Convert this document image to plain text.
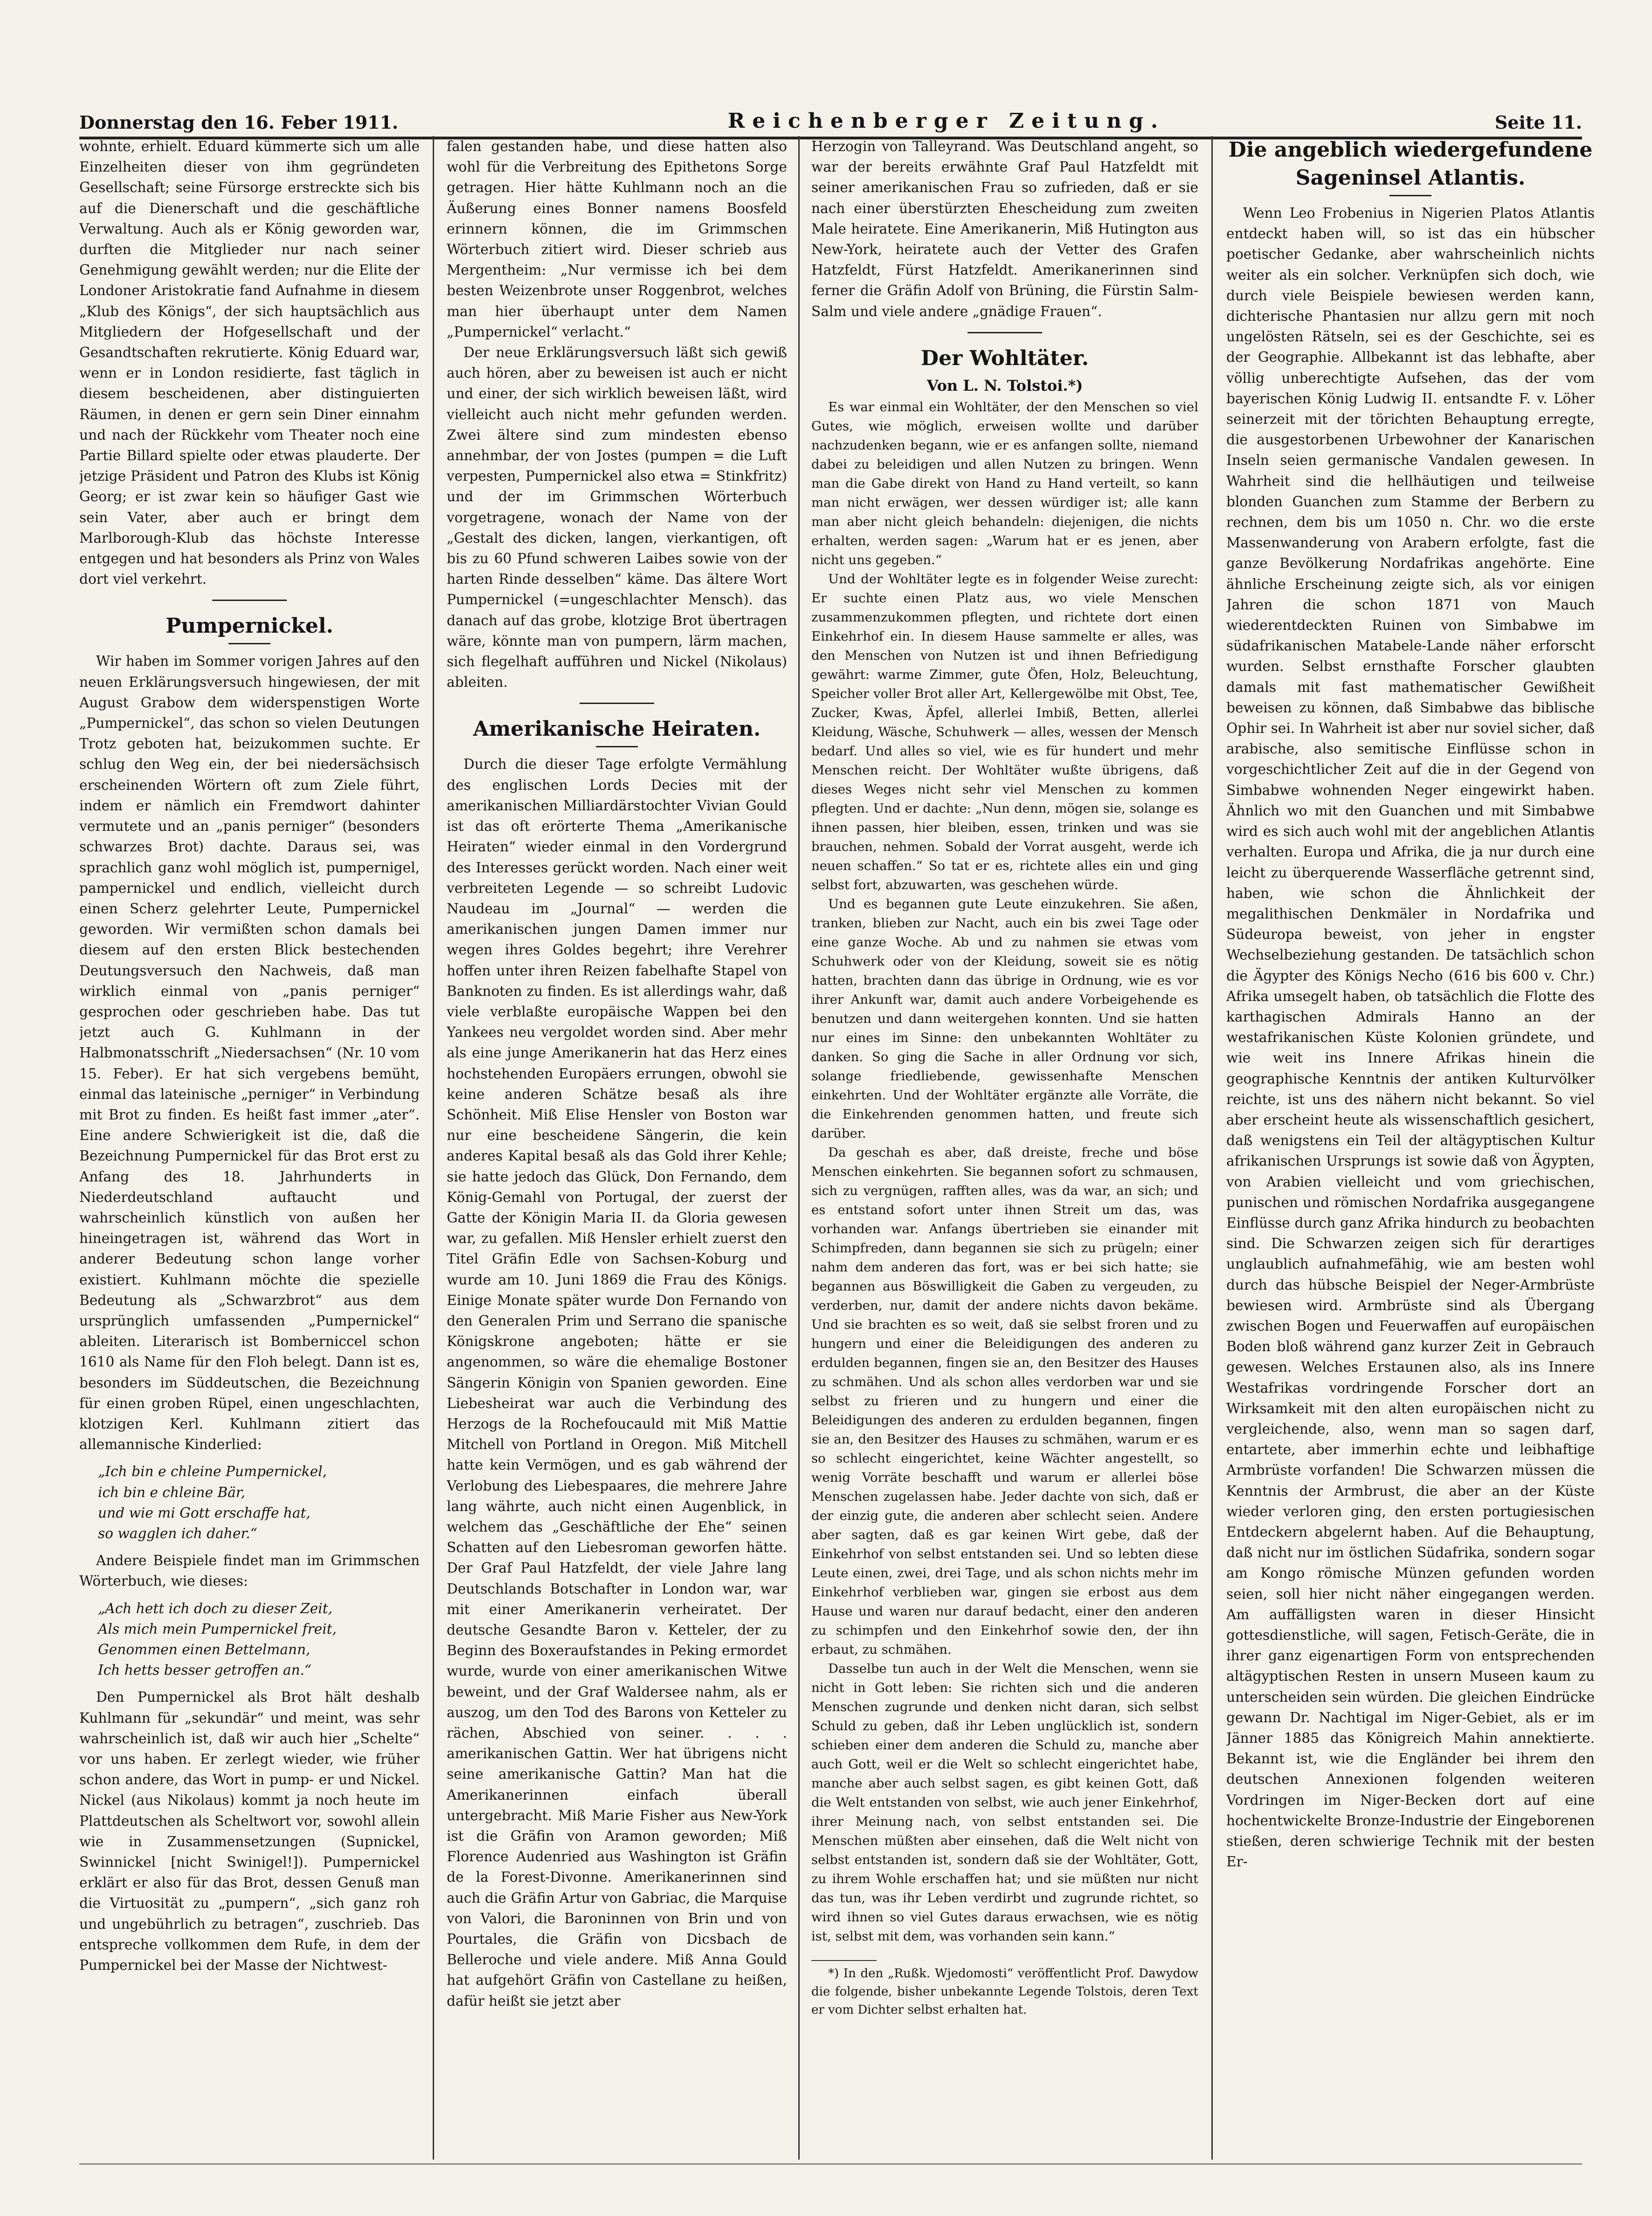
Donnerstag den 16. Feber 1911.	Reichenberger Zeitung.	Seite 11.

wohnte, erhielt. Eduard kümmerte sich um alle Einzelheiten dieser von ihm gegründeten Gesellschaft; seine Fürsorge erstreckte sich bis auf die Dienerschaft und die geschäftliche Verwaltung. Auch als er König geworden war, durften die Mitglieder nur nach seiner Genehmigung gewählt werden; nur die Elite der Londoner Aristokratie fand Aufnahme in diesem „Klub des Königs“, der sich hauptsächlich aus Mitgliedern der Hofgesellschaft und der Gesandtschaften rekrutierte. König Eduard war, wenn er in London residierte, fast täglich in diesem bescheidenen, aber distinguierten Räumen, in denen er gern sein Diner einnahm und nach der Rückkehr vom Theater noch eine Partie Billard spielte oder etwas plauderte. Der jetzige Präsident und Patron des Klubs ist König Georg; er ist zwar kein so häufiger Gast wie sein Vater, aber auch er bringt dem Marlborough-Klub das höchste Interesse entgegen und hat besonders als Prinz von Wales dort viel verkehrt.

Pumpernickel.

Wir haben im Sommer vorigen Jahres auf den neuen Erklärungsversuch hingewiesen, der mit August Grabow dem widerspenstigen Worte „Pumpernickel“, das schon so vielen Deutungen Trotz geboten hat, beizukommen suchte. Er schlug den Weg ein, der bei niedersächsisch erscheinenden Wörtern oft zum Ziele führt, indem er nämlich ein Fremdwort dahinter vermutete und an „panis perniger“ (besonders schwarzes Brot) dachte. Daraus sei, was sprachlich ganz wohl möglich ist, pumpernigel, pampernickel und endlich, vielleicht durch einen Scherz gelehrter Leute, Pumpernickel geworden. Wir vermißten schon damals bei diesem auf den ersten Blick bestechenden Deutungsversuch den Nachweis, daß man wirklich einmal von „panis perniger“ gesprochen oder geschrieben habe. Das tut jetzt auch G. Kuhlmann in der Halbmonatsschrift „Niedersachsen“ (Nr. 10 vom 15. Feber). Er hat sich vergebens bemüht, einmal das lateinische „perniger“ in Verbindung mit Brot zu finden. Es heißt fast immer „ater“. Eine andere Schwierigkeit ist die, daß die Bezeichnung Pumpernickel für das Brot erst zu Anfang des 18. Jahrhunderts in Niederdeutschland auftaucht und wahrscheinlich künstlich von außen her hineingetragen ist, während das Wort in anderer Bedeutung schon lange vorher existiert. Kuhlmann möchte die spezielle Bedeutung als „Schwarzbrot“ aus dem ursprünglich umfassenden „Pumpernickel“ ableiten. Literarisch ist Bomberniccel schon 1610 als Name für den Floh belegt. Dann ist es, besonders im Süddeutschen, die Bezeichnung für einen groben Rüpel, einen ungeschlachten, klotzigen Kerl. Kuhlmann zitiert das allemannische Kinderlied:

„Ich bin e chleine Pumpernickel,
ich bin e chleine Bär,
und wie mi Gott erschaffe hat,
so wagglen ich daher.“

Andere Beispiele findet man im Grimmschen Wörterbuch, wie dieses:

„Ach hett ich doch zu dieser Zeit,
Als mich mein Pumpernickel freit,
Genommen einen Bettelmann,
Ich hetts besser getroffen an.“

Den Pumpernickel als Brot hält deshalb Kuhlmann für „sekundär“ und meint, was sehr wahrscheinlich ist, daß wir auch hier „Schelte“ vor uns haben. Er zerlegt wieder, wie früher schon andere, das Wort in pump- er und Nickel. Nickel (aus Nikolaus) kommt ja noch heute im Plattdeutschen als Scheltwort vor, sowohl allein wie in Zusammensetzungen (Supnickel, Swinnickel [nicht Swinigel!]). Pumpernickel erklärt er also für das Brot, dessen Genuß man die Virtuosität zu „pumpern“, „sich ganz roh und ungebührlich zu betragen“, zuschrieb. Das entspreche vollkommen dem Rufe, in dem der Pumpernickel bei der Masse der Nichtwest-

falen gestanden habe, und diese hatten also wohl für die Verbreitung des Epithetons Sorge getragen. Hier hätte Kuhlmann noch an die Äußerung eines Bonner namens Boosfeld erinnern können, die im Grimmschen Wörterbuch zitiert wird. Dieser schrieb aus Mergentheim: „Nur vermisse ich bei dem besten Weizenbrote unser Roggenbrot, welches man hier überhaupt unter dem Namen „Pumpernickel“ verlacht.“

Der neue Erklärungsversuch läßt sich gewiß auch hören, aber zu beweisen ist auch er nicht und einer, der sich wirklich beweisen läßt, wird vielleicht auch nicht mehr gefunden werden. Zwei ältere sind zum mindesten ebenso annehmbar, der von Jostes (pumpen = die Luft verpesten, Pumpernickel also etwa = Stinkfritz) und der im Grimmschen Wörterbuch vorgetragene, wonach der Name von der „Gestalt des dicken, langen, vierkantigen, oft bis zu 60 Pfund schweren Laibes sowie von der harten Rinde desselben“ käme. Das ältere Wort Pumpernickel (=ungeschlachter Mensch). das danach auf das grobe, klotzige Brot übertragen wäre, könnte man von pumpern, lärm machen, sich flegelhaft aufführen und Nickel (Nikolaus) ableiten.

Amerikanische Heiraten.

Durch die dieser Tage erfolgte Vermählung des englischen Lords Decies mit der amerikanischen Milliardärstochter Vivian Gould ist das oft erörterte Thema „Amerikanische Heiraten“ wieder einmal in den Vordergrund des Interesses gerückt worden. Nach einer weit verbreiteten Legende — so schreibt Ludovic Naudeau im „Journal“ — werden die amerikanischen jungen Damen immer nur wegen ihres Goldes begehrt; ihre Verehrer hoffen unter ihren Reizen fabelhafte Stapel von Banknoten zu finden. Es ist allerdings wahr, daß viele verblaßte europäische Wappen bei den Yankees neu vergoldet worden sind. Aber mehr als eine junge Amerikanerin hat das Herz eines hochstehenden Europäers errungen, obwohl sie keine anderen Schätze besaß als ihre Schönheit. Miß Elise Hensler von Boston war nur eine bescheidene Sängerin, die kein anderes Kapital besaß als das Gold ihrer Kehle; sie hatte jedoch das Glück, Don Fernando, dem König-Gemahl von Portugal, der zuerst der Gatte der Königin Maria II. da Gloria gewesen war, zu gefallen. Miß Hensler erhielt zuerst den Titel Gräfin Edle von Sachsen-Koburg und wurde am 10. Juni 1869 die Frau des Königs. Einige Monate später wurde Don Fernando von den Generalen Prim und Serrano die spanische Königskrone angeboten; hätte er sie angenommen, so wäre die ehemalige Bostoner Sängerin Königin von Spanien geworden. Eine Liebesheirat war auch die Verbindung des Herzogs de la Rochefoucauld mit Miß Mattie Mitchell von Portland in Oregon. Miß Mitchell hatte kein Vermögen, und es gab während der Verlobung des Liebespaares, die mehrere Jahre lang währte, auch nicht einen Augenblick, in welchem das „Geschäftliche der Ehe“ seinen Schatten auf den Liebesroman geworfen hätte. Der Graf Paul Hatzfeldt, der viele Jahre lang Deutschlands Botschafter in London war, war mit einer Amerikanerin verheiratet. Der deutsche Gesandte Baron v. Ketteler, der zu Beginn des Boxeraufstandes in Peking ermordet wurde, wurde von einer amerikanischen Witwe beweint, und der Graf Waldersee nahm, als er auszog, um den Tod des Barons von Ketteler zu rächen, Abschied von seiner. . . . amerikanischen Gattin. Wer hat übrigens nicht seine amerikanische Gattin? Man hat die Amerikanerinnen einfach überall untergebracht. Miß Marie Fisher aus New-York ist die Gräfin von Aramon geworden; Miß Florence Audenried aus Washington ist Gräfin de la Forest-Divonne. Amerikanerinnen sind auch die Gräfin Artur von Gabriac, die Marquise von Valori, die Baroninnen von Brin und von Pourtales, die Gräfin von Dicsbach de Belleroche und viele andere. Miß Anna Gould hat aufgehört Gräfin von Castellane zu heißen, dafür heißt sie jetzt aber

Herzogin von Talleyrand. Was Deutschland angeht, so war der bereits erwähnte Graf Paul Hatzfeldt mit seiner amerikanischen Frau so zufrieden, daß er sie nach einer überstürzten Ehescheidung zum zweiten Male heiratete. Eine Amerikanerin, Miß Hutington aus New-York, heiratete auch der Vetter des Grafen Hatzfeldt, Fürst Hatzfeldt. Amerikanerinnen sind ferner die Gräfin Adolf von Brüning, die Fürstin Salm-Salm und viele andere „gnädige Frauen“.

Der Wohltäter.
Von L. N. Tolstoi.*)

Es war einmal ein Wohltäter, der den Menschen so viel Gutes, wie möglich, erweisen wollte und darüber nachzudenken begann, wie er es anfangen sollte, niemand dabei zu beleidigen und allen Nutzen zu bringen. Wenn man die Gabe direkt von Hand zu Hand verteilt, so kann man nicht erwägen, wer dessen würdiger ist; alle kann man aber nicht gleich behandeln: diejenigen, die nichts erhalten, werden sagen: „Warum hat er es jenen, aber nicht uns gegeben.“

Und der Wohltäter legte es in folgender Weise zurecht: Er suchte einen Platz aus, wo viele Menschen zusammenzukommen pflegten, und richtete dort einen Einkehrhof ein. In diesem Hause sammelte er alles, was den Menschen von Nutzen ist und ihnen Befriedigung gewährt: warme Zimmer, gute Öfen, Holz, Beleuchtung, Speicher voller Brot aller Art, Kellergewölbe mit Obst, Tee, Zucker, Kwas, Äpfel, allerlei Imbiß, Betten, allerlei Kleidung, Wäsche, Schuhwerk — alles, wessen der Mensch bedarf. Und alles so viel, wie es für hundert und mehr Menschen reicht. Der Wohltäter wußte übrigens, daß dieses Weges nicht sehr viel Menschen zu kommen pflegten. Und er dachte: „Nun denn, mögen sie, solange es ihnen passen, hier bleiben, essen, trinken und was sie brauchen, nehmen. Sobald der Vorrat ausgeht, werde ich neuen schaffen.“ So tat er es, richtete alles ein und ging selbst fort, abzuwarten, was geschehen würde.

Und es begannen gute Leute einzukehren. Sie aßen, tranken, blieben zur Nacht, auch ein bis zwei Tage oder eine ganze Woche. Ab und zu nahmen sie etwas vom Schuhwerk oder von der Kleidung, soweit sie es nötig hatten, brachten dann das übrige in Ordnung, wie es vor ihrer Ankunft war, damit auch andere Vorbeigehende es benutzen und dann weitergehen konnten. Und sie hatten nur eines im Sinne: den unbekannten Wohltäter zu danken. So ging die Sache in aller Ordnung vor sich, solange friedliebende, gewissenhafte Menschen einkehrten. Und der Wohltäter ergänzte alle Vorräte, die die Einkehrenden genommen hatten, und freute sich darüber.

Da geschah es aber, daß dreiste, freche und böse Menschen einkehrten. Sie begannen sofort zu schmausen, sich zu vergnügen, rafften alles, was da war, an sich; und es entstand sofort unter ihnen Streit um das, was vorhanden war. Anfangs übertrieben sie einander mit Schimpfreden, dann begannen sie sich zu prügeln; einer nahm dem anderen das fort, was er bei sich hatte; sie begannen aus Böswilligkeit die Gaben zu vergeuden, zu verderben, nur, damit der andere nichts davon bekäme. Und sie brachten es so weit, daß sie selbst froren und zu hungern und einer die Beleidigungen des anderen zu erdulden begannen, fingen sie an, den Besitzer des Hauses zu schmähen. Und als schon alles verdorben war und sie selbst zu frieren und zu hungern und einer die Beleidigungen des anderen zu erdulden begannen, fingen sie an, den Besitzer des Hauses zu schmähen, warum er es so schlecht eingerichtet, keine Wächter angestellt, so wenig Vorräte beschafft und warum er allerlei böse Menschen zugelassen habe. Jeder dachte von sich, daß er der einzig gute, die anderen aber schlecht seien. Andere aber sagten, daß es gar keinen Wirt gebe, daß der Einkehrhof von selbst entstanden sei. Und so lebten diese Leute einen, zwei, drei Tage, und als schon nichts mehr im Einkehrhof verblieben war, gingen sie erbost aus dem Hause und waren nur darauf bedacht, einer den anderen zu schimpfen und den Einkehrhof sowie den, der ihn erbaut, zu schmähen.

Dasselbe tun auch in der Welt die Menschen, wenn sie nicht in Gott leben: Sie richten sich und die anderen Menschen zugrunde und denken nicht daran, sich selbst Schuld zu geben, daß ihr Leben unglücklich ist, sondern schieben einer dem anderen die Schuld zu, manche aber auch Gott, weil er die Welt so schlecht eingerichtet habe, manche aber auch selbst sagen, es gibt keinen Gott, daß die Welt entstanden von selbst, wie auch jener Einkehrhof, ihrer Meinung nach, von selbst entstanden sei. Die Menschen müßten aber einsehen, daß die Welt nicht von selbst entstanden ist, sondern daß sie der Wohltäter, Gott, zu ihrem Wohle erschaffen hat; und sie müßten nur nicht das tun, was ihr Leben verdirbt und zugrunde richtet, so wird ihnen so viel Gutes daraus erwachsen, wie es nötig ist, selbst mit dem, was vorhanden sein kann.“

*) In den „Rußk. Wjedomosti“ veröffentlicht Prof. Dawydow die folgende, bisher unbekannte Legende Tolstois, deren Text er vom Dichter selbst erhalten hat.

Die angeblich wiedergefundene Sageninsel Atlantis.

Wenn Leo Frobenius in Nigerien Platos Atlantis entdeckt haben will, so ist das ein hübscher poetischer Gedanke, aber wahrscheinlich nichts weiter als ein solcher. Verknüpfen sich doch, wie durch viele Beispiele bewiesen werden kann, dichterische Phantasien nur allzu gern mit noch ungelösten Rätseln, sei es der Geschichte, sei es der Geographie. Allbekannt ist das lebhafte, aber völlig unberechtigte Aufsehen, das der vom bayerischen König Ludwig II. entsandte F. v. Löher seinerzeit mit der törichten Behauptung erregte, die ausgestorbenen Urbewohner der Kanarischen Inseln seien germanische Vandalen gewesen. In Wahrheit sind die hellhäutigen und teilweise blonden Guanchen zum Stamme der Berbern zu rechnen, dem bis um 1050 n. Chr. wo die erste Massenwanderung von Arabern erfolgte, fast die ganze Bevölkerung Nordafrikas angehörte. Eine ähnliche Erscheinung zeigte sich, als vor einigen Jahren die schon 1871 von Mauch wiederentdeckten Ruinen von Simbabwe im südafrikanischen Matabele-Lande näher erforscht wurden. Selbst ernsthafte Forscher glaubten damals mit fast mathematischer Gewißheit beweisen zu können, daß Simbabwe das biblische Ophir sei. In Wahrheit ist aber nur soviel sicher, daß arabische, also semitische Einflüsse schon in vorgeschichtlicher Zeit auf die in der Gegend von Simbabwe wohnenden Neger eingewirkt haben. Ähnlich wo mit den Guanchen und mit Simbabwe wird es sich auch wohl mit der angeblichen Atlantis verhalten. Europa und Afrika, die ja nur durch eine leicht zu überquerende Wasserfläche getrennt sind, haben, wie schon die Ähnlichkeit der megalithischen Denkmäler in Nordafrika und Südeuropa beweist, von jeher in engster Wechselbeziehung gestanden. De tatsächlich schon die Ägypter des Königs Necho (616 bis 600 v. Chr.) Afrika umsegelt haben, ob tatsächlich die Flotte des karthagischen Admirals Hanno an der westafrikanischen Küste Kolonien gründete, und wie weit ins Innere Afrikas hinein die geographische Kenntnis der antiken Kulturvölker reichte, ist uns des nähern nicht bekannt. So viel aber erscheint heute als wissenschaftlich gesichert, daß wenigstens ein Teil der altägyptischen Kultur afrikanischen Ursprungs ist sowie daß von Ägypten, von Arabien vielleicht und vom griechischen, punischen und römischen Nordafrika ausgegangene Einflüsse durch ganz Afrika hindurch zu beobachten sind. Die Schwarzen zeigen sich für derartiges unglaublich aufnahmefähig, wie am besten wohl durch das hübsche Beispiel der Neger-Armbrüste bewiesen wird. Armbrüste sind als Übergang zwischen Bogen und Feuerwaffen auf europäischen Boden bloß während ganz kurzer Zeit in Gebrauch gewesen. Welches Erstaunen also, als ins Innere Westafrikas vordringende Forscher dort an Wirksamkeit mit den alten europäischen nicht zu vergleichende, also, wenn man so sagen darf, entartete, aber immerhin echte und leibhaftige Armbrüste vorfanden! Die Schwarzen müssen die Kenntnis der Armbrust, die aber an der Küste wieder verloren ging, den ersten portugiesischen Entdeckern abgelernt haben. Auf die Behauptung, daß nicht nur im östlichen Südafrika, sondern sogar am Kongo römische Münzen gefunden worden seien, soll hier nicht näher eingegangen werden. Am auffälligsten waren in dieser Hinsicht gottesdienstliche, will sagen, Fetisch-Geräte, die in ihrer ganz eigenartigen Form von entsprechenden altägyptischen Resten in unsern Museen kaum zu unterscheiden sein würden. Die gleichen Eindrücke gewann Dr. Nachtigal im Niger-Gebiet, als er im Jänner 1885 das Königreich Mahin annektierte. Bekannt ist, wie die Engländer bei ihrem den deutschen Annexionen folgenden weiteren Vordringen im Niger-Becken dort auf eine hochentwickelte Bronze-Industrie der Eingeborenen stießen, deren schwierige Technik mit der besten Er-
